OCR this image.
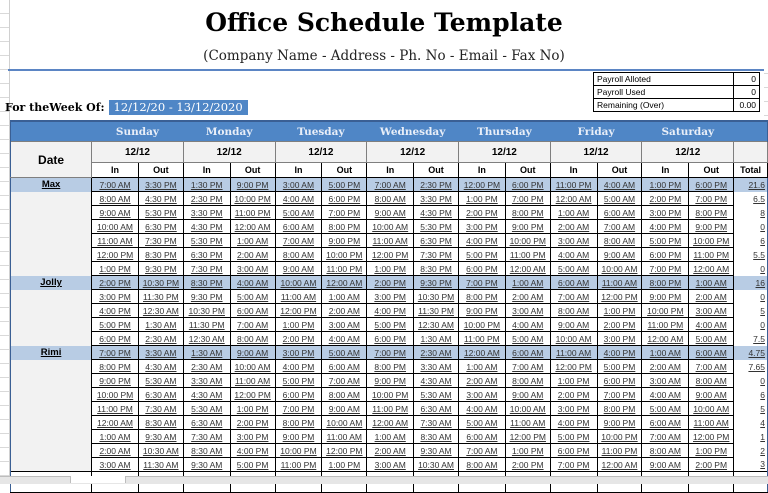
Office Schedule Template
(Company Name - Address - Ph. No - Email - Fax No)
Payroll Alloted	0
Payroll Used	0
Remaining (Over)	0.00
For theWeek Of: 12/12/20 - 13/12/2020
	Sunday		Monday		Tuesday		Wednesday		Thursday		Friday		Saturday		
Date	12/12		12/12		12/12		12/12		12/12		12/12		12/12		
	In	Out	In	Out	In	Out	In	Out	In	Out	In	Out	In	Out	Total
Max	7:00 AM	3:30 PM	1:30 PM	9:00 PM	3:00 AM	5:00 PM	7:00 AM	2:30 PM	12:00 PM	6:00 PM	11:00 PM	4:00 AM	1:00 PM	6:00 PM	21.6
	8:00 AM	4:30 PM	2:30 PM	10:00 PM	4:00 AM	6:00 PM	8:00 AM	3:30 PM	1:00 PM	7:00 PM	12:00 AM	5:00 AM	2:00 PM	7:00 PM	6.5
	9:00 AM	5:30 PM	3:30 PM	11:00 PM	5:00 AM	7:00 PM	9:00 AM	4:30 PM	2:00 PM	8:00 PM	1:00 AM	6:00 AM	3:00 PM	8:00 PM	8
	10:00 AM	6:30 PM	4:30 PM	12:00 AM	6:00 AM	8:00 PM	10:00 AM	5:30 PM	3:00 PM	9:00 PM	2:00 AM	7:00 AM	4:00 PM	9:00 PM	0
	11:00 AM	7:30 PM	5:30 PM	1:00 AM	7:00 AM	9:00 PM	11:00 AM	6:30 PM	4:00 PM	10:00 PM	3:00 AM	8:00 AM	5:00 PM	10:00 PM	6
	12:00 PM	8:30 PM	6:30 PM	2:00 AM	8:00 AM	10:00 PM	12:00 PM	7:30 PM	5:00 PM	11:00 PM	4:00 AM	9:00 AM	6:00 PM	11:00 PM	5.5
	1:00 PM	9:30 PM	7:30 PM	3:00 AM	9:00 AM	11:00 PM	1:00 PM	8:30 PM	6:00 PM	12:00 AM	5:00 AM	10:00 AM	7:00 PM	12:00 AM	0
Jolly	2:00 PM	10:30 PM	8:30 PM	4:00 AM	10:00 AM	12:00 AM	2:00 PM	9:30 PM	7:00 PM	1:00 AM	6:00 AM	11:00 AM	8:00 PM	1:00 AM	16
	3:00 PM	11:30 PM	9:30 PM	5:00 AM	11:00 AM	1:00 AM	3:00 PM	10:30 PM	8:00 PM	2:00 AM	7:00 AM	12:00 PM	9:00 PM	2:00 AM	0
	4:00 PM	12:30 AM	10:30 PM	6:00 AM	12:00 PM	2:00 AM	4:00 PM	11:30 PM	9:00 PM	3:00 AM	8:00 AM	1:00 PM	10:00 PM	3:00 AM	5
	5:00 PM	1:30 AM	11:30 PM	7:00 AM	1:00 PM	3:00 AM	5:00 PM	12:30 AM	10:00 PM	4:00 AM	9:00 AM	2:00 PM	11:00 PM	4:00 AM	0
	6:00 PM	2:30 AM	12:30 AM	8:00 AM	2:00 PM	4:00 AM	6:00 PM	1:30 AM	11:00 PM	5:00 AM	10:00 AM	3:00 PM	12:00 AM	5:00 AM	7.5
Rimi	7:00 PM	3:30 AM	1:30 AM	9:00 AM	3:00 PM	5:00 AM	7:00 PM	2:30 AM	12:00 AM	6:00 AM	11:00 AM	4:00 PM	1:00 AM	6:00 AM	4.75
	8:00 PM	4:30 AM	2:30 AM	10:00 AM	4:00 PM	6:00 AM	8:00 PM	3:30 AM	1:00 AM	7:00 AM	12:00 PM	5:00 PM	2:00 AM	7:00 AM	7.65
	9:00 PM	5:30 AM	3:30 AM	11:00 AM	5:00 PM	7:00 AM	9:00 PM	4:30 AM	2:00 AM	8:00 AM	1:00 PM	6:00 PM	3:00 AM	8:00 AM	0
	10:00 PM	6:30 AM	4:30 AM	12:00 PM	6:00 PM	8:00 AM	10:00 PM	5:30 AM	3:00 AM	9:00 AM	2:00 PM	7:00 PM	4:00 AM	9:00 AM	6
	11:00 PM	7:30 AM	5:30 AM	1:00 PM	7:00 PM	9:00 AM	11:00 PM	6:30 AM	4:00 AM	10:00 AM	3:00 PM	8:00 PM	5:00 AM	10:00 AM	5
	12:00 AM	8:30 AM	6:30 AM	2:00 PM	8:00 PM	10:00 AM	12:00 AM	7:30 AM	5:00 AM	11:00 AM	4:00 PM	9:00 PM	6:00 AM	11:00 AM	4
	1:00 AM	9:30 AM	7:30 AM	3:00 PM	9:00 PM	11:00 AM	1:00 AM	8:30 AM	6:00 AM	12:00 PM	5:00 PM	10:00 PM	7:00 AM	12:00 PM	1
	2:00 AM	10:30 AM	8:30 AM	4:00 PM	10:00 PM	12:00 PM	2:00 AM	9:30 AM	7:00 AM	1:00 PM	6:00 PM	11:00 PM	8:00 AM	1:00 PM	2
	3:00 AM	11:30 AM	9:30 AM	5:00 PM	11:00 PM	1:00 PM	3:00 AM	10:30 AM	8:00 AM	2:00 PM	7:00 PM	12:00 AM	9:00 AM	2:00 PM	3
